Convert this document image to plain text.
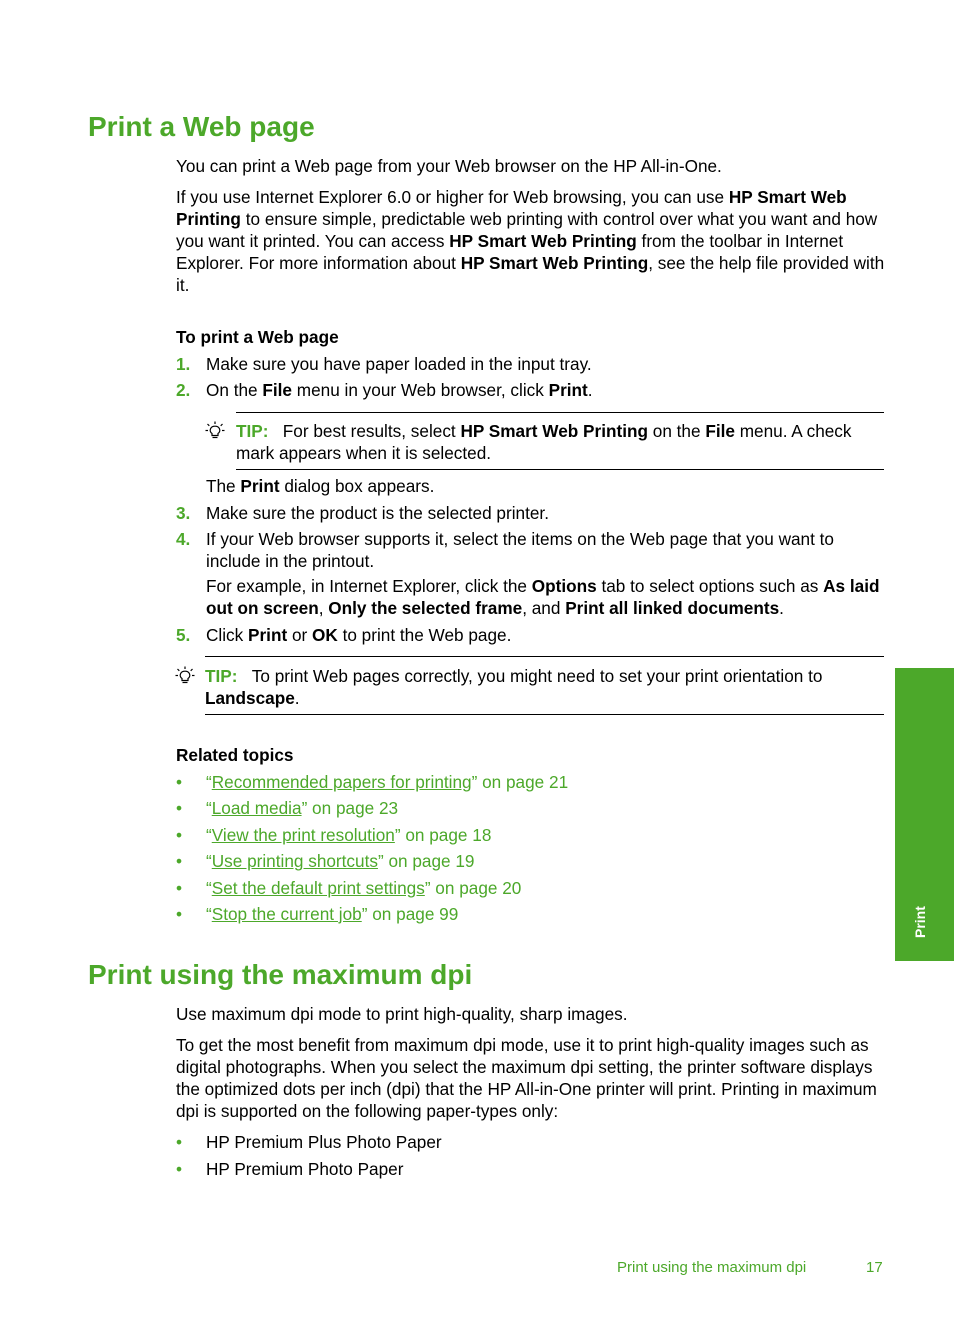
Print a Web page

You can print a Web page from your Web browser on the HP All-in-One.

If you use Internet Explorer 6.0 or higher for Web browsing, you can use HP Smart Web Printing to ensure simple, predictable web printing with control over what you want and how you want it printed. You can access HP Smart Web Printing from the toolbar in Internet Explorer. For more information about HP Smart Web Printing, see the help file provided with it.

To print a Web page

1. Make sure you have paper loaded in the input tray.
2. On the File menu in your Web browser, click Print.
TIP: For best results, select HP Smart Web Printing on the File menu. A check mark appears when it is selected.

The Print dialog box appears.

3. Make sure the product is the selected printer.
4. If your Web browser supports it, select the items on the Web page that you want to include in the printout.

For example, in Internet Explorer, click the Options tab to select options such as As laid out on screen, Only the selected frame, and Print all linked documents.

5. Click Print or OK to print the Web page.
TIP: To print Web pages correctly, you might need to set your print orientation to Landscape.

Related topics

• “Recommended papers for printing” on page 21
• “Load media” on page 23
• “View the print resolution” on page 18
• “Use printing shortcuts” on page 19
• “Set the default print settings” on page 20
• “Stop the current job” on page 99
Print using the maximum dpi

Use maximum dpi mode to print high-quality, sharp images.

To get the most benefit from maximum dpi mode, use it to print high-quality images such as digital photographs. When you select the maximum dpi setting, the printer software displays the optimized dots per inch (dpi) that the HP All-in-One printer will print. Printing in maximum dpi is supported on the following paper-types only:

• HP Premium Plus Photo Paper
• HP Premium Photo Paper
Print
Print using the maximum dpi	17
